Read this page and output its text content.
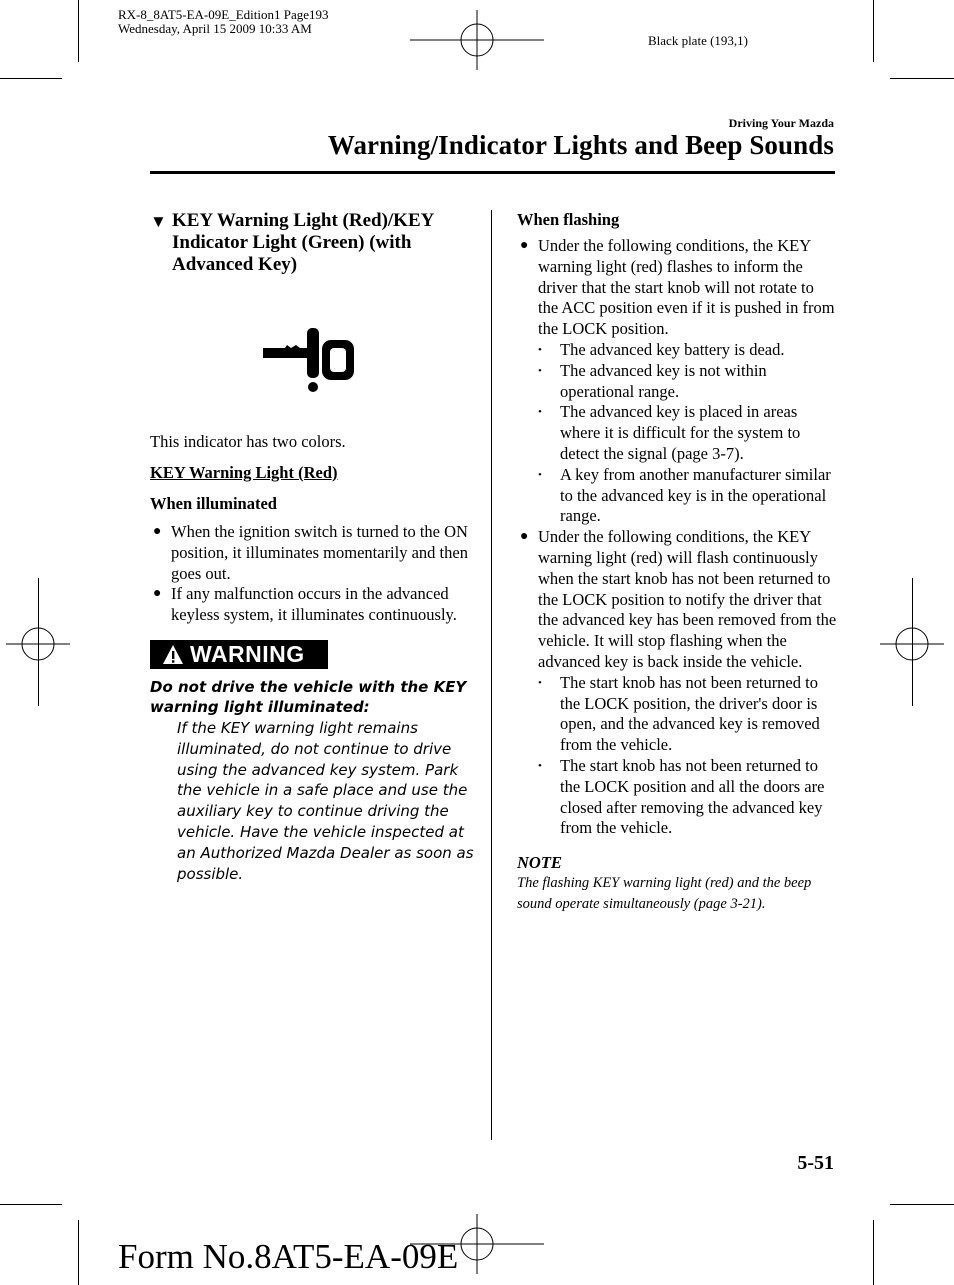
RX-8_8AT5-EA-09E_Edition1 Page193
Wednesday, April 15 2009 10:33 AM
Black plate (193,1)
Driving Your Mazda
Warning/Indicator Lights and Beep Sounds
▼ KEY Warning Light (Red)/KEY Indicator Light (Green) (with Advanced Key)

This indicator has two colors.

KEY Warning Light (Red)

When illuminated

● When the ignition switch is turned to the ON position, it illuminates momentarily and then goes out.
● If any malfunction occurs in the advanced keyless system, it illuminates continuously.
WARNING

Do not drive the vehicle with the KEY warning light illuminated:

If the KEY warning light remains illuminated, do not continue to drive using the advanced key system. Park the vehicle in a safe place and use the auxiliary key to continue driving the vehicle. Have the vehicle inspected at an Authorized Mazda Dealer as soon as possible.

When flashing

● Under the following conditions, the KEY warning light (red) flashes to inform the driver that the start knob will not rotate to the ACC position even if it is pushed in from the LOCK position.
• The advanced key battery is dead.
• The advanced key is not within operational range.
• The advanced key is placed in areas where it is difficult for the system to detect the signal (page 3-7).
• A key from another manufacturer similar to the advanced key is in the operational range.
● Under the following conditions, the KEY warning light (red) will flash continuously when the start knob has not been returned to the LOCK position to notify the driver that the advanced key has been removed from the vehicle. It will stop flashing when the advanced key is back inside the vehicle.
• The start knob has not been returned to the LOCK position, the driver's door is open, and the advanced key is removed from the vehicle.
• The start knob has not been returned to the LOCK position and all the doors are closed after removing the advanced key from the vehicle.

NOTE

The flashing KEY warning light (red) and the beep sound operate simultaneously (page 3-21).

5-51
Form No.8AT5-EA-09E
